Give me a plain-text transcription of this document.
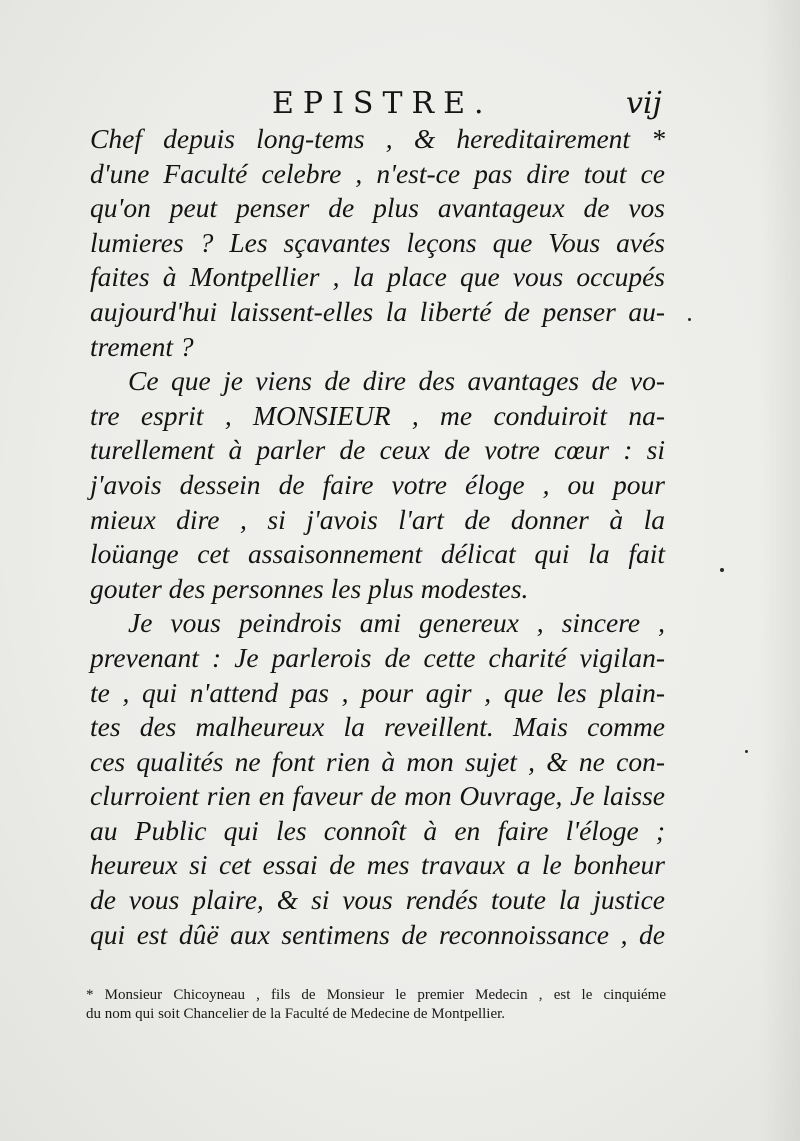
EPISTRE.	vij
Chef depuis long-tems , & hereditairement *
d'une Faculté celebre , n'est-ce pas dire tout ce
qu'on peut penser de plus avantageux de vos
lumieres ? Les sçavantes leçons que Vous avés
faites à Montpellier , la place que vous occupés
aujourd'hui laissent-elles la liberté de penser au-
trement ?
Ce que je viens de dire des avantages de vo-
tre esprit , MONSIEUR , me conduiroit na-
turellement à parler de ceux de votre cœur : si
j'avois dessein de faire votre éloge , ou pour
mieux dire , si j'avois l'art de donner à la
loüange cet assaisonnement délicat qui la fait
gouter des personnes les plus modestes.
Je vous peindrois ami genereux , sincere ,
prevenant : Je parlerois de cette charité vigilan-
te , qui n'attend pas , pour agir , que les plain-
tes des malheureux la reveillent. Mais comme
ces qualités ne font rien à mon sujet , & ne con-
clurroient rien en faveur de mon Ouvrage, Je laisse
au Public qui les connoît à en faire l'éloge ;
heureux si cet essai de mes travaux a le bonheur
de vous plaire, & si vous rendés toute la justice
qui est dûë aux sentimens de reconnoissance , de
* Monsieur Chicoyneau , fils de Monsieur le premier Medecin , est le cinquiéme
du nom qui soit Chancelier de la Faculté de Medecine de Montpellier.
